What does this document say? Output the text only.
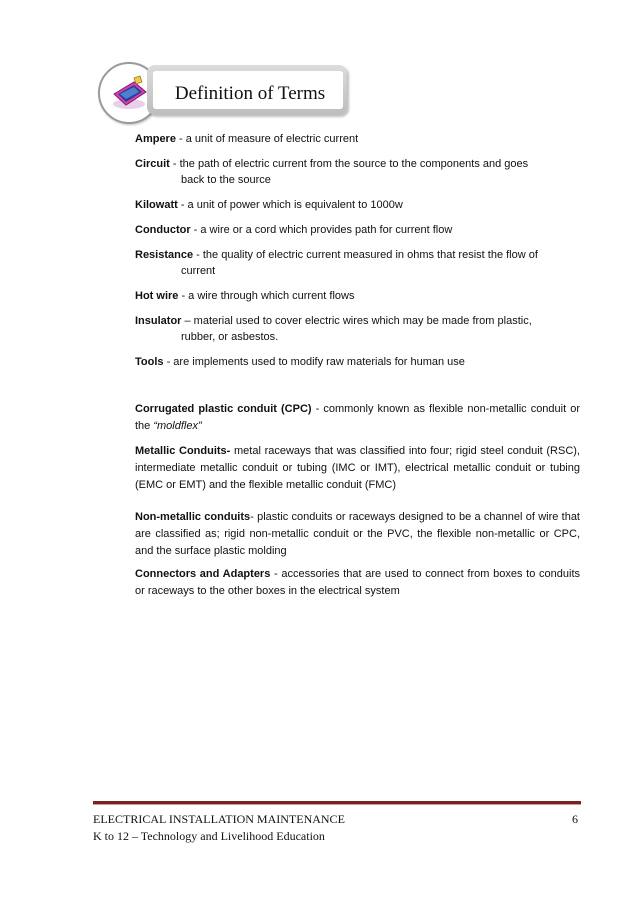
Definition of Terms

Ampere - a unit of measure of electric current

Circuit - the path of electric current from the source to the components and goes
back to the source

Kilowatt - a unit of power which is equivalent to 1000w

Conductor - a wire or a cord which provides path for current flow

Resistance - the quality of electric current measured in ohms that resist the flow of
current

Hot wire - a wire through which current flows

Insulator – material used to cover electric wires which may be made from plastic,
rubber, or asbestos.

Tools - are implements used to modify raw materials for human use

Corrugated plastic conduit (CPC) - commonly known as flexible non-metallic conduit or the “moldflex”
Metallic Conduits- metal raceways that was classified into four; rigid steel conduit (RSC), intermediate metallic conduit or tubing (IMC or IMT), electrical metallic conduit or tubing (EMC or EMT) and the flexible metallic conduit (FMC)
Non-metallic conduits- plastic conduits or raceways designed to be a channel of wire that are classified as; rigid non-metallic conduit or the PVC, the flexible non-metallic or CPC, and the surface plastic molding
Connectors and Adapters - accessories that are used to connect from boxes to conduits or raceways to the other boxes in the electrical system
ELECTRICAL INSTALLATION MAINTENANCE	6
K to 12 – Technology and Livelihood Education
